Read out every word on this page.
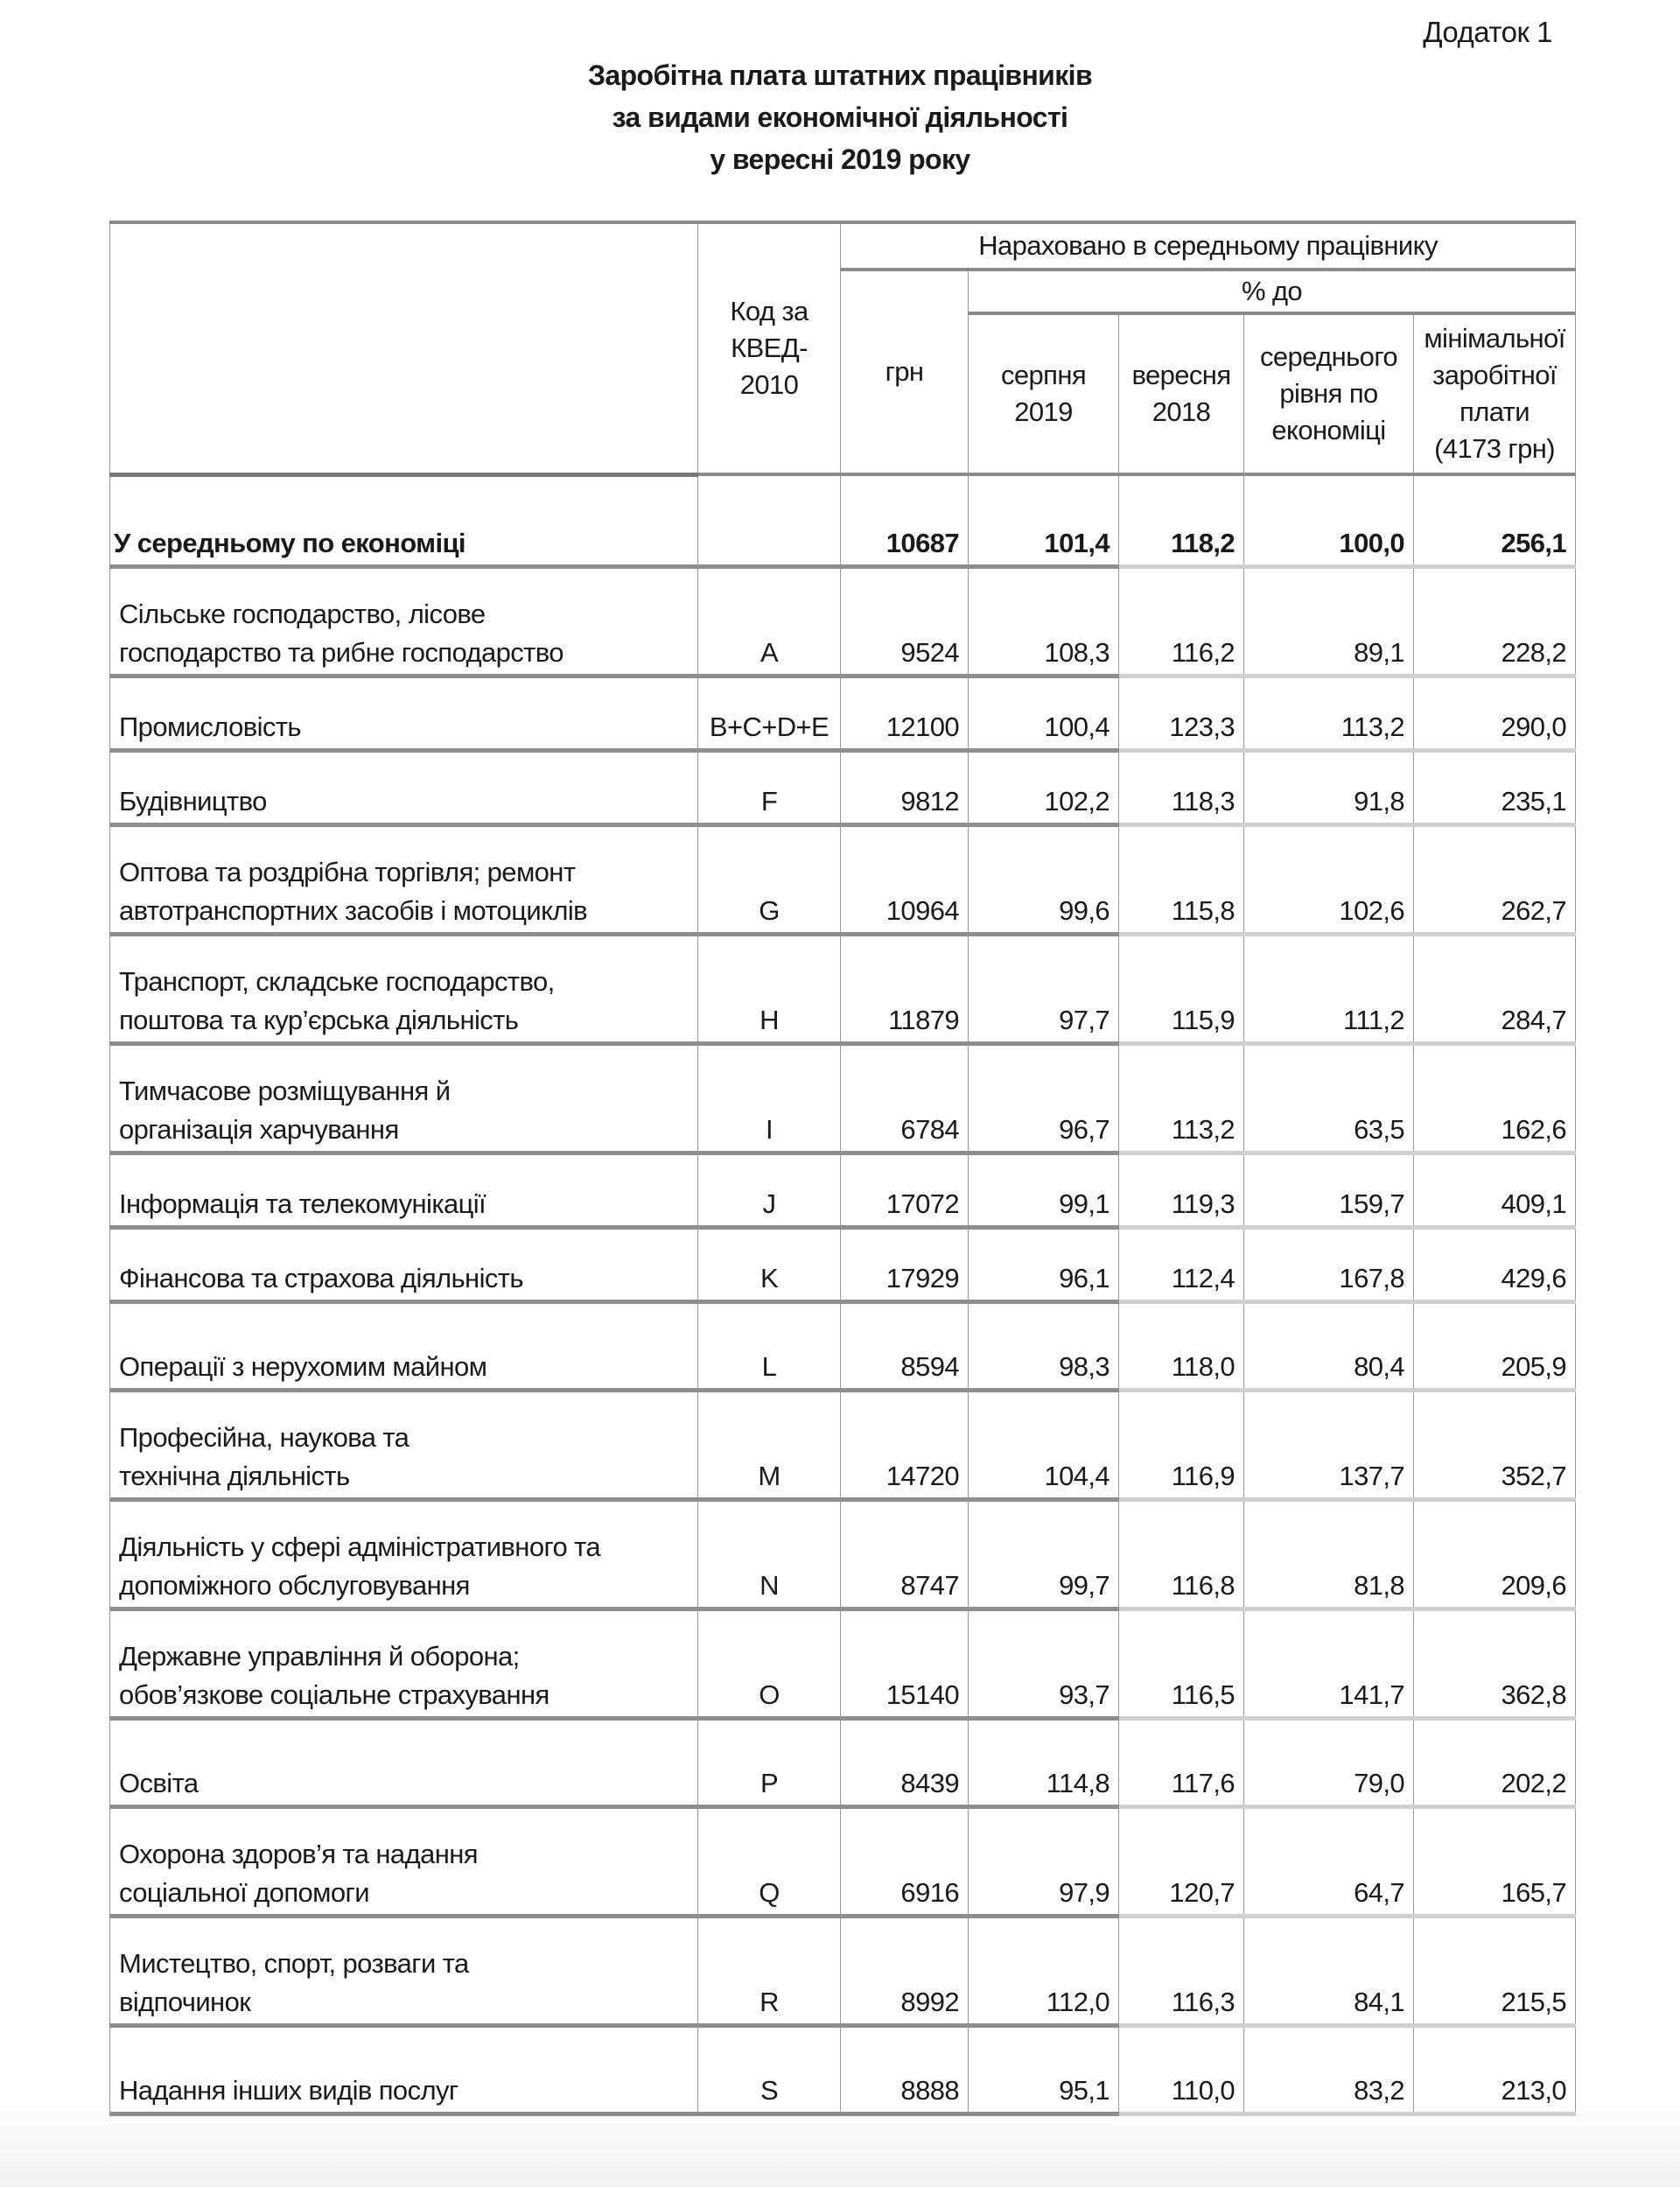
Додаток 1
Заробітна плата штатних працівників
за видами економічної діяльності
у вересні 2019 року

	Код за
КВЕД-
2010	Нараховано в середньому працівнику				
		грн	% до			

серпня
2019

вересня
2018

середнього
рівня по
економіці

мінімальної
заробітної
плати
(4173 грн)

У середньому по економіці		10687	101,4	118,2	100,0	256,1

Сільське господарство, лісове
господарство та рибне господарство	A	9524	108,3	116,2	89,1	228,2

Промисловість	B+C+D+E	12100	100,4	123,3	113,2	290,0

Будівництво	F	9812	102,2	118,3	91,8	235,1

Оптова та роздрібна торгівля; ремонт
автотранспортних засобів і мотоциклів	G	10964	99,6	115,8	102,6	262,7

Транспорт, складське господарство,
поштова та кур’єрська діяльність	H	11879	97,7	115,9	111,2	284,7

Тимчасове розміщування й
організація харчування	I	6784	96,7	113,2	63,5	162,6

Інформація та телекомунікації	J	17072	99,1	119,3	159,7	409,1

Фінансова та страхова діяльність	K	17929	96,1	112,4	167,8	429,6

Операції з нерухомим майном	L	8594	98,3	118,0	80,4	205,9

Професійна, наукова та
технічна діяльність	M	14720	104,4	116,9	137,7	352,7

Діяльність у сфері адміністративного та
допоміжного обслуговування	N	8747	99,7	116,8	81,8	209,6

Державне управління й оборона;
обов’язкове соціальне страхування	O	15140	93,7	116,5	141,7	362,8

Освіта	P	8439	114,8	117,6	79,0	202,2

Охорона здоров’я та надання
соціальної допомоги	Q	6916	97,9	120,7	64,7	165,7

Мистецтво, спорт, розваги та
відпочинок	R	8992	112,0	116,3	84,1	215,5

Надання інших видів послуг	S	8888	95,1	110,0	83,2	213,0
